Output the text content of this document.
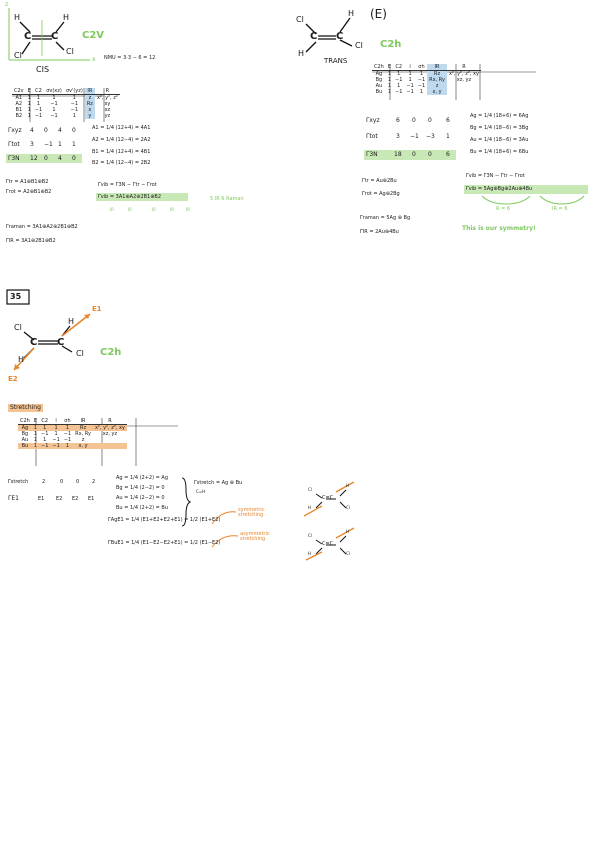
z
x
H	H
Cl	Cl
C C C2V
CIS
NMU = 3·3 − 6 = 12
C2v	E	C2	σv(xz)	σv'(yz)	IR	R
A1	1	1	1	1	z	x², y², z²
A2	1	1	−1	−1	Rz	xy
B1	1	−1	1	−1	x	xz
B2	1	−1	−1	1	y	yz
Γxyz 4 0 4 0
Γtot 3 −1 1 1
Γ3N 12 0 4 0
A1 = 1/4 (12+4) = 4A1
A2 = 1/4 (12−4) = 2A2
B1 = 1/4 (12+4) = 4B1
B2 = 1/4 (12−4) = 2B2
Γtr = A1⊕B1⊕B2
Γrot = A2⊕B1⊕B2
Γvib = Γ3N − Γtr − Γrot
Γvib = 3A1⊕A2⊕2B1⊕B2
IR	IR	IR	IR	IR
5 IR 6 Raman
Γraman = 3A1⊕A2⊕2B1⊕B2
ΓIR = 3A1⊕2B1⊕B2
Cl
H
H
Cl
C C
(E)
C2h
TRANS
C2h	E	C2	i	σh	IR	R
Ag	1	1	1	1	Rz	x², y², z², xy
Bg	1	−1	1	−1	Rx, Ry	xz, yz
Au	1	1	−1	−1	z	
Bu	1	−1	−1	1	x, y	
Γxyz	6 0 0 6
Γtot	3 −1 −3 1
Γ3N	18 0 0 6
Ag = 1/4 (18+6) = 6Ag
Bg = 1/4 (18−6) = 3Bg
Au = 1/4 (18−6) = 3Au
Bu = 1/4 (18+6) = 6Bu
Γtr = Au⊕2Bu
Γrot = Ag⊕2Bg
Γraman = 5Ag ⊕ Bg
ΓIR = 2Au⊕4Bu
Γvib = Γ3N − Γtr − Γrot
Γvib = 5Ag⊕Bg⊕2Au⊕4Bu
R = 6	IR = 6
This is our symmetry!
35
Cl
H
H
Cl
C C
E1
E2
C2h
Stretching
C2h	E	C2	i	σh	IR	R
Ag	1	1	1	1	Rz	x², y², z², xy
Bg	1	−1	1	−1	Rx, Ry	xz, yz
Au	1	1	−1	−1	z	
Bu	1	−1	−1	1	x, y	
Γstretch	2	0	0	2
ΓE1	E1 E2 E2 E1
Ag = 1/4 (2+2) = Ag
Bg = 1/4 (2−2) = 0
Au = 1/4 (2−2) = 0
Bu = 1/4 (2+2) = Bu
Γstretch = Ag ⊕ Bu
C=H
ΓAgE1 = 1/4 (E1+E2+E2+E1) = 1/2 (E1+E2)
symmetric stretching
ΓBuE1 = 1/4 (E1−E2−E2+E1) = 1/2 (E1−E2)
asymmetric stretching
Cl
H
C=C
H	Cl
Cl
H
C=C
H	Cl
